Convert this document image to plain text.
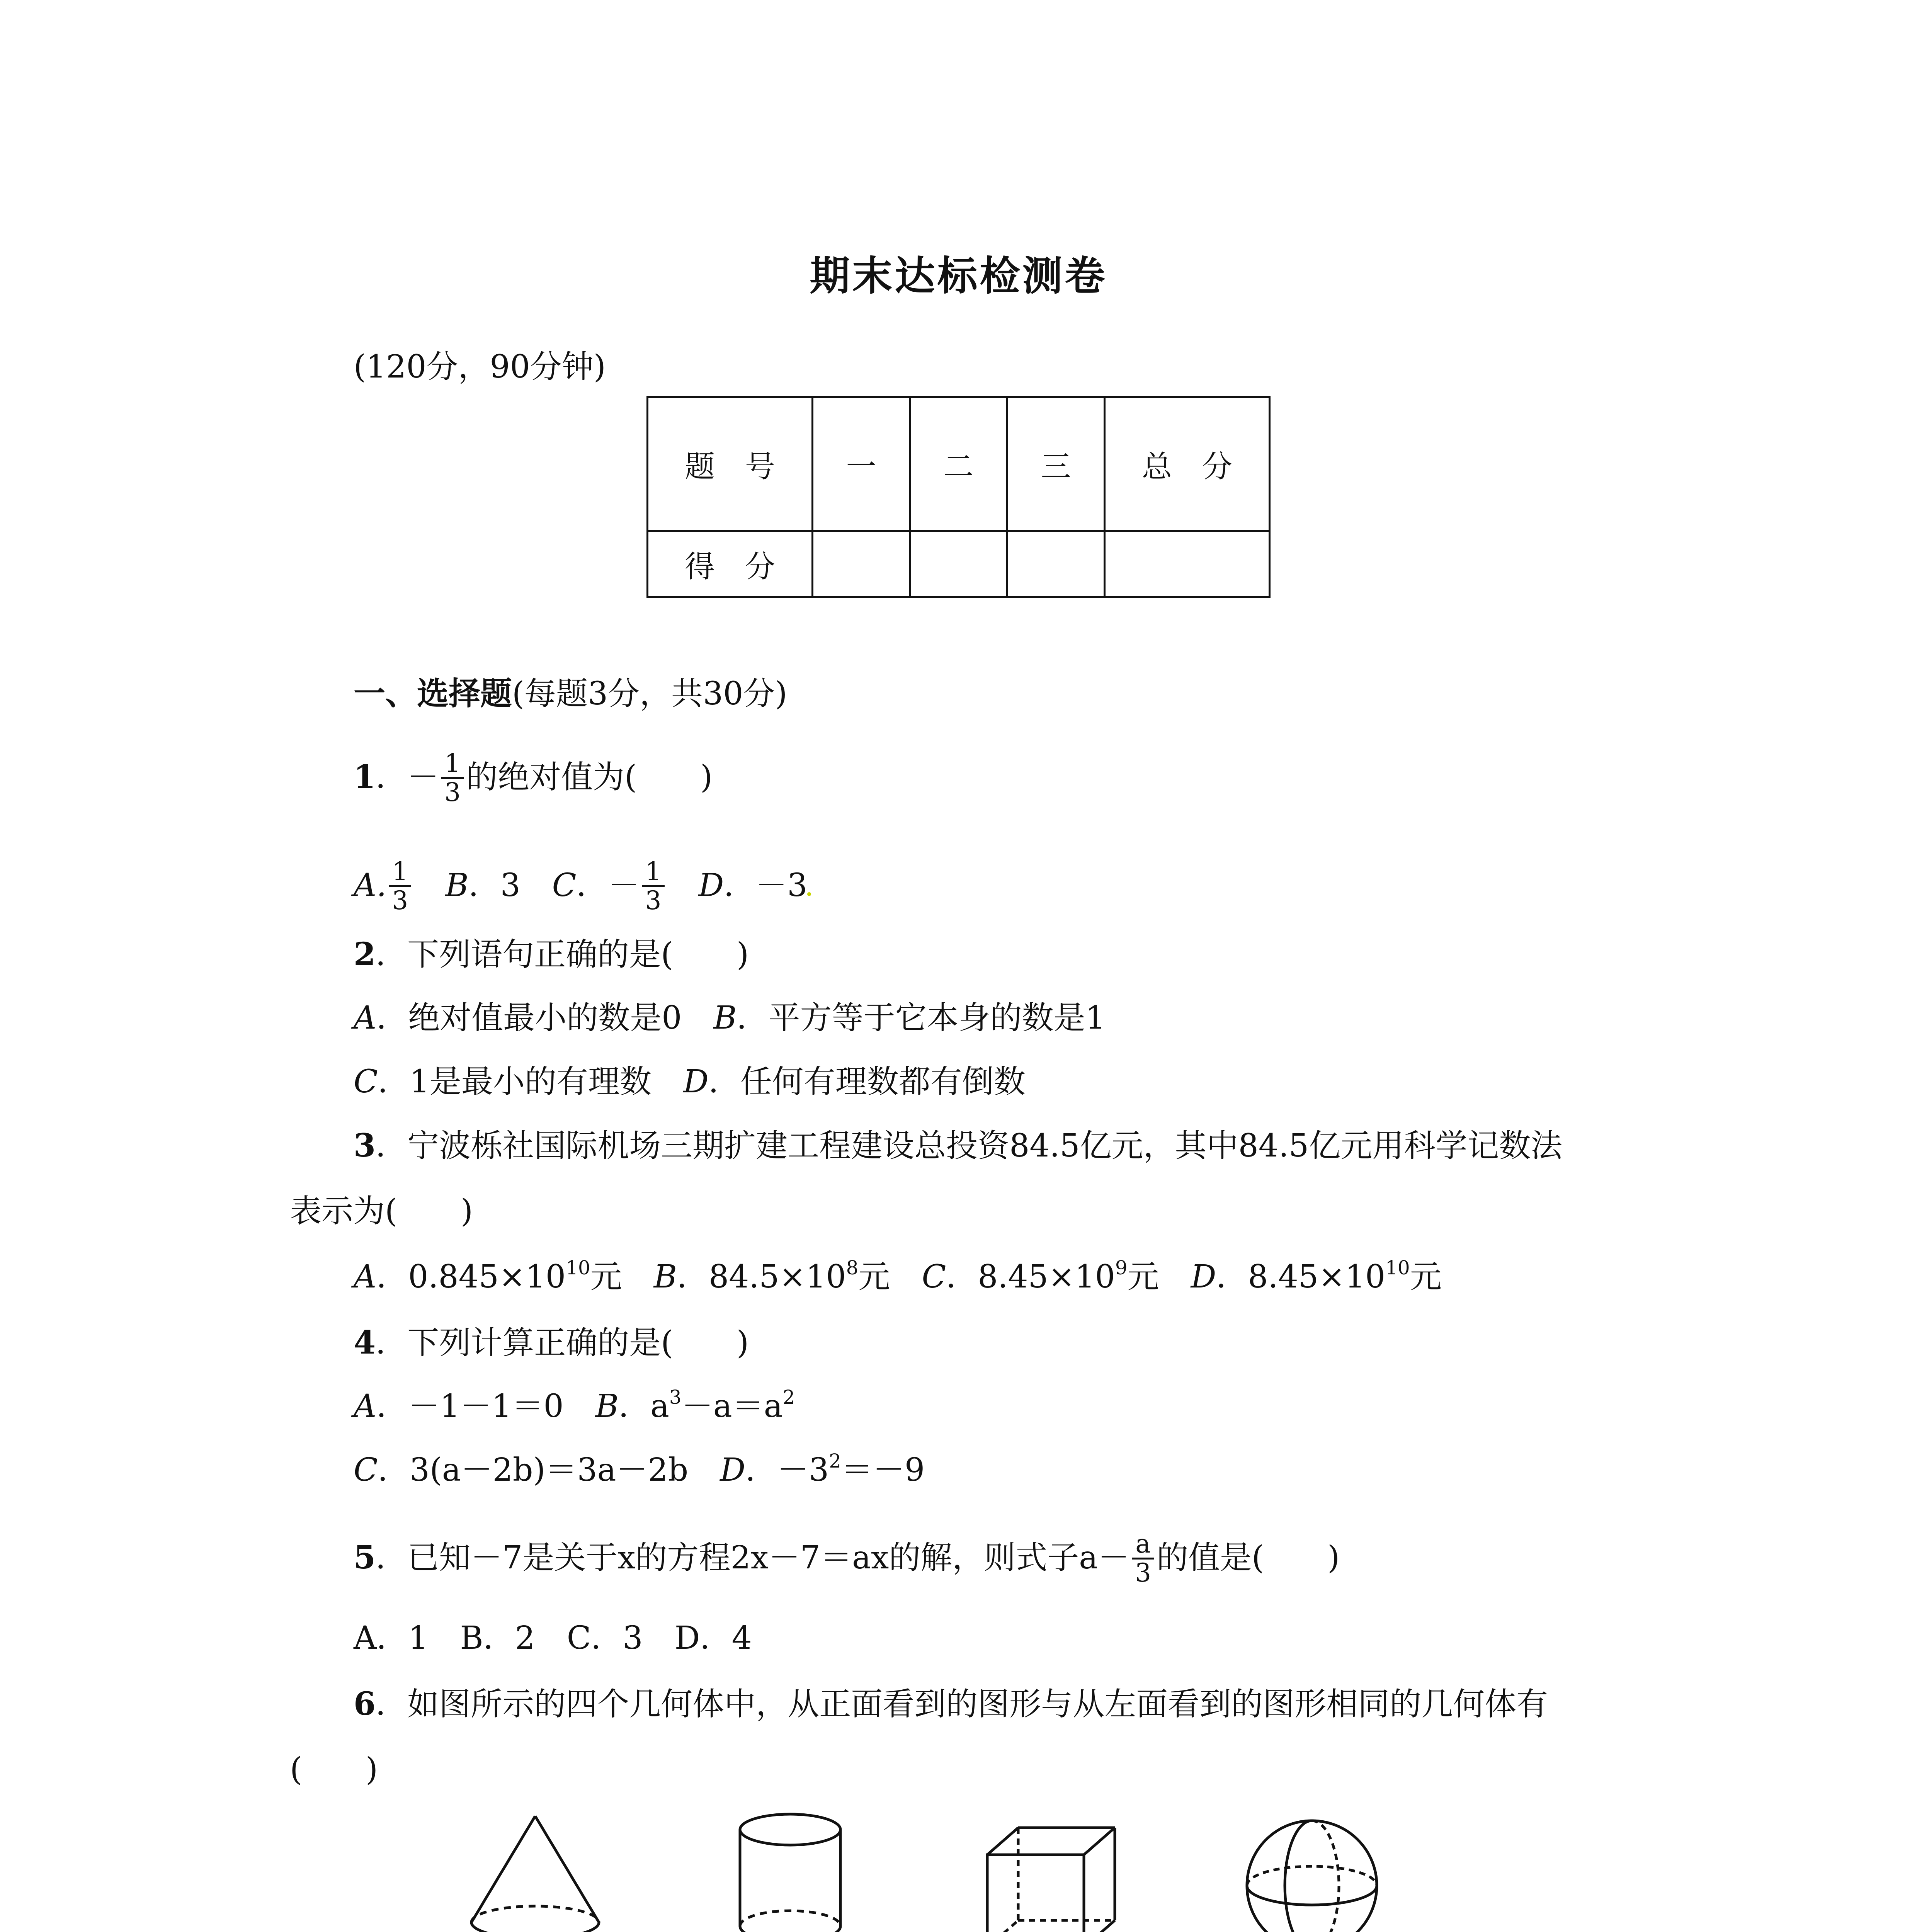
期末达标检测卷
(120分，90分钟)
题　号	一	二	三	总　分
得　分				
一、选择题(每题3分，共30分)
1．－ $\frac{1}{3}$ 的绝对值为(　　)
A. $\frac{1}{3}$
　 B．3　 C．－ $\frac{1}{3}$
　 D．－3
2．下列语句正确的是(　　)
A．绝对值最小的数是0　 B．平方等于它本身的数是1
C．1是最小的有理数　 D．任何有理数都有倒数
3．宁波栎社国际机场三期扩建工程建设总投资84.5亿元，其中84.5亿元用科学记数法
表示为(　　)
A．$0.845\times 10^{10}$元　 B．$84.5\times 10^8$元　 C．$8.45\times 10^9$元　 D．$8.45\times 10^{10}$元
4．下列计算正确的是(　　)
A．－1－1＝0　 B．$a^3-a=a^2$
C．3(a－2b)＝3a－2b　 D．$-3^2=-9$
5．已知－7是关于x的方程2x－7＝ax的解，则式子$a- \frac{a}{3}$ 的值是(　　)
A．1　B．2　C．3　D．4
6．如图所示的四个几何体中，从正面看到的图形与从左面看到的图形相同的几何体有
(　　)
